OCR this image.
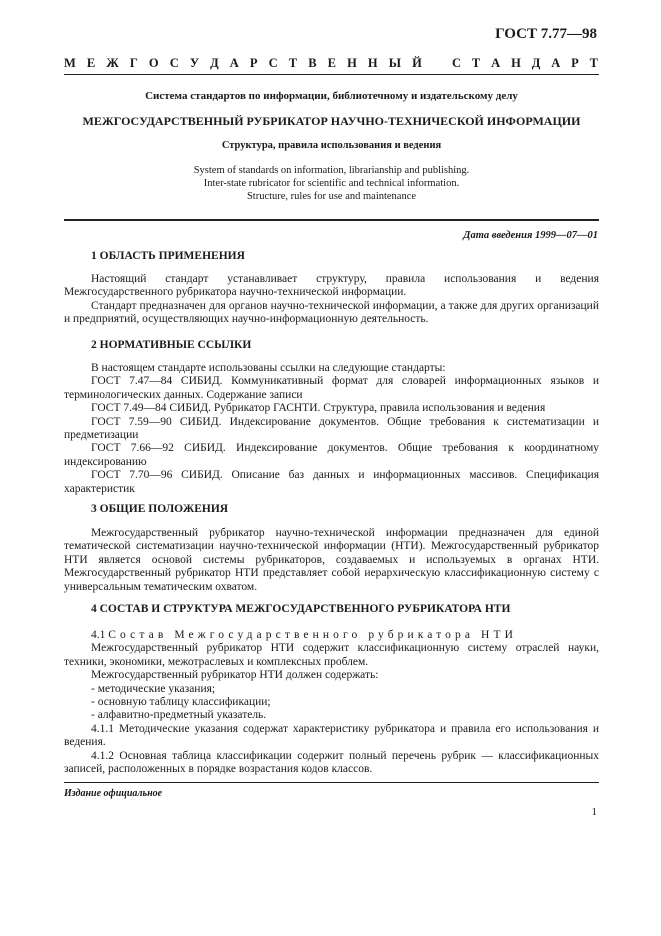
ГОСТ 7.77—98
М Е Ж Г О С У Д А Р С Т В Е Н Н Ы Й С Т А Н Д А Р Т
Система стандартов по информации, библиотечному и издательскому делу
МЕЖГОСУДАРСТВЕННЫЙ РУБРИКАТОР НАУЧНО-ТЕХНИЧЕСКОЙ ИНФОРМАЦИИ
Структура, правила использования и ведения
System of standards on information, librarianship and publishing.
Inter-state rubricator for scientific and technical information.
Structure, rules for use and maintenance
Дата введения 1999—07—01
1 ОБЛАСТЬ ПРИМЕНЕНИЯ

Настоящий стандарт устанавливает структуру, правила использования и ведения Межгосударственного рубрикатора научно-технической информации.

Стандарт предназначен для органов научно-технической информации, а также для других организаций и предприятий, осуществляющих научно-информационную деятельность.

2 НОРМАТИВНЫЕ ССЫЛКИ

В настоящем стандарте использованы ссылки на следующие стандарты:

ГОСТ 7.47—84 СИБИД. Коммуникативный формат для словарей информационных языков и терминологических данных. Содержание записи

ГОСТ 7.49—84 СИБИД. Рубрикатор ГАСНТИ. Структура, правила использования и ведения

ГОСТ 7.59—90 СИБИД. Индексирование документов. Общие требования к систематизации и предметизации

ГОСТ 7.66—92 СИБИД. Индексирование документов. Общие требования к координатному индексированию

ГОСТ 7.70—96 СИБИД. Описание баз данных и информационных массивов. Спецификация характеристик

3 ОБЩИЕ ПОЛОЖЕНИЯ

Межгосударственный рубрикатор научно-технической информации предназначен для единой тематической систематизации научно-технической информации (НТИ). Межгосударственный рубрикатор НТИ является основой системы рубрикаторов, создаваемых и используемых в органах НТИ. Межгосударственный рубрикатор НТИ представляет собой иерархическую классификационную систему с универсальным тематическим охватом.

4 СОСТАВ И СТРУКТУРА МЕЖГОСУДАРСТВЕННОГО РУБРИКАТОРА НТИ

4.1 Состав Межгосударственного рубрикатора НТИ

Межгосударственный рубрикатор НТИ содержит классификационную систему отраслей науки, техники, экономики, межотраслевых и комплексных проблем.

Межгосударственный рубрикатор НТИ должен содержать:

- методические указания;

- основную таблицу классификации;

- алфавитно-предметный указатель.

4.1.1 Методические указания содержат характеристику рубрикатора и правила его использования и ведения.

4.1.2 Основная таблица классификации содержит полный перечень рубрик — классификационных записей, расположенных в порядке возрастания кодов классов.

Издание официальное
1
